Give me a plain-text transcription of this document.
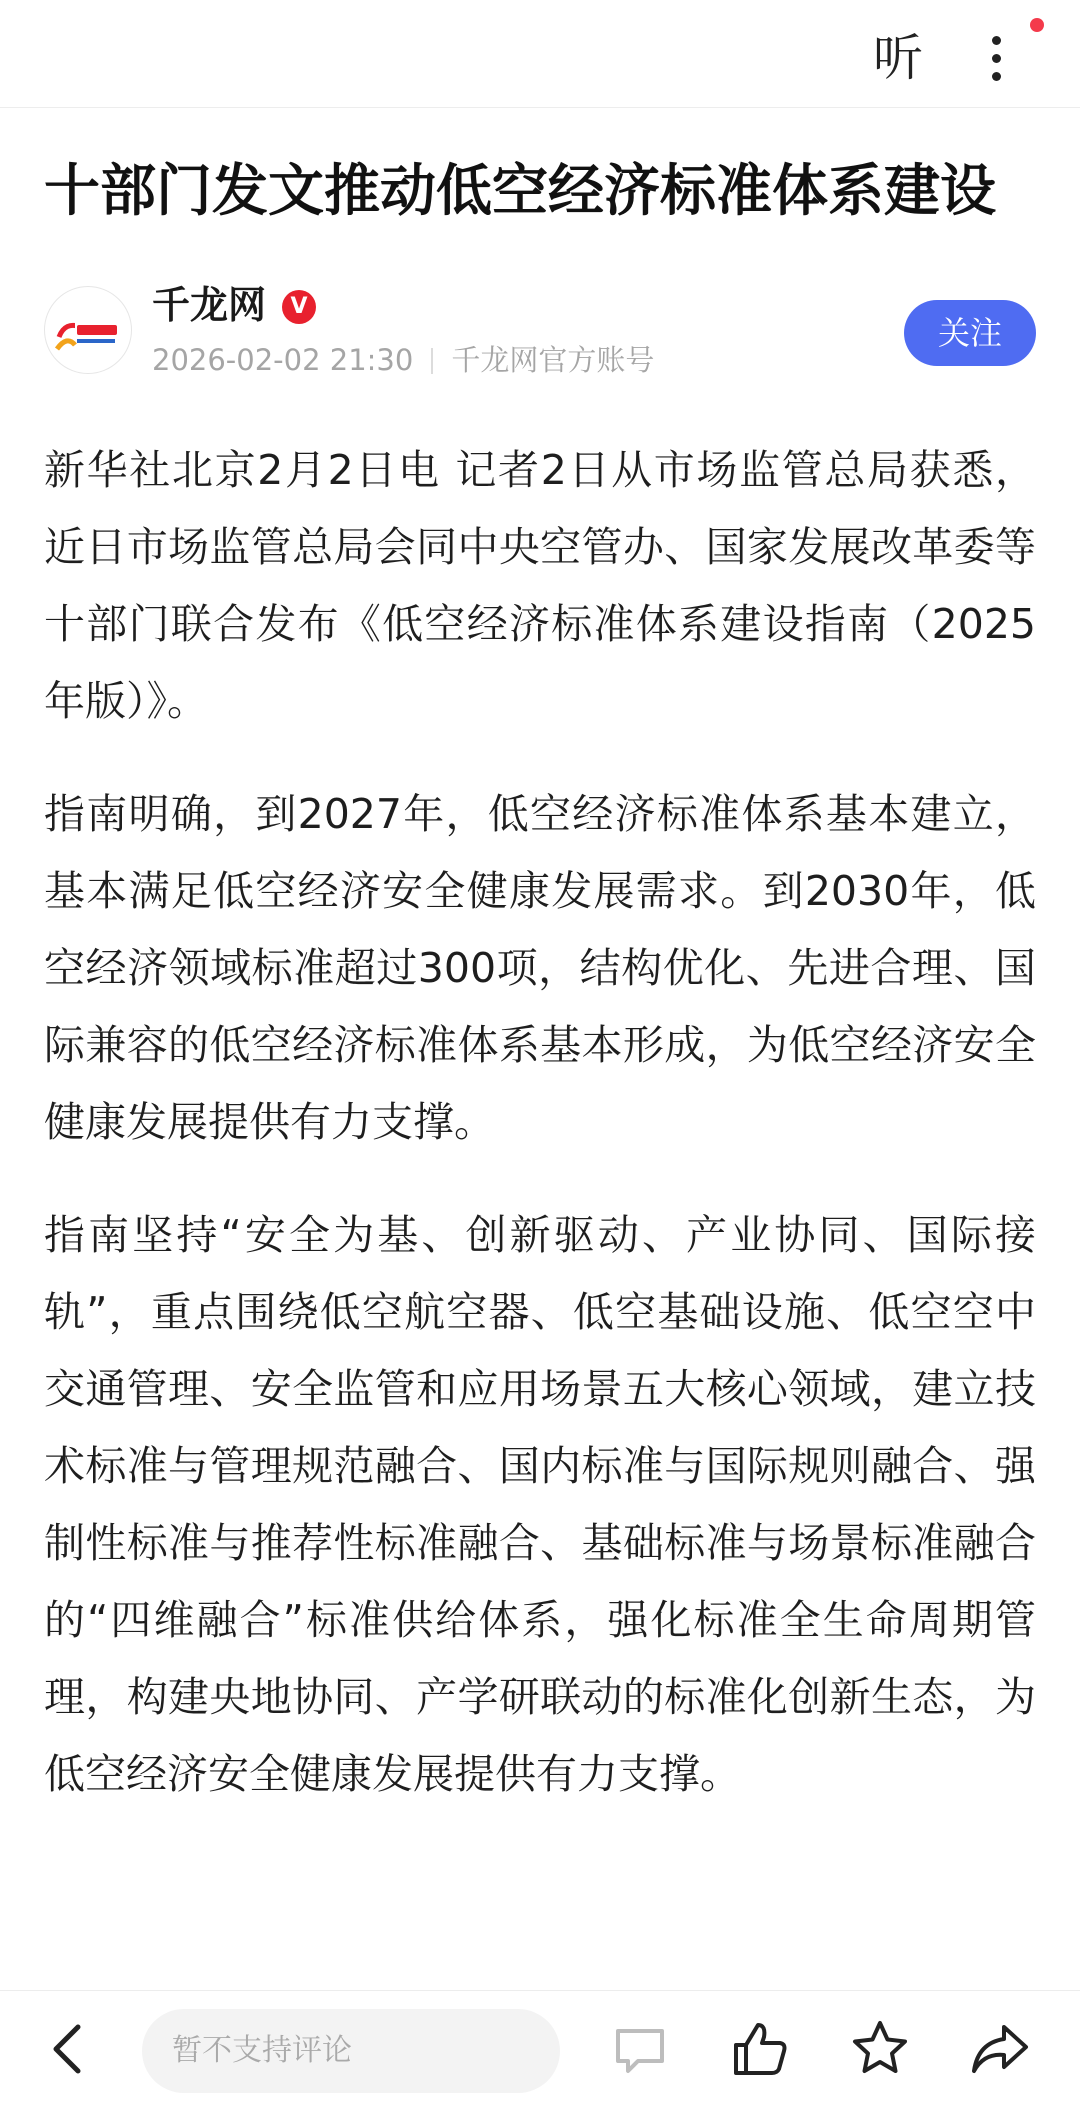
听
十部门发文推动低空经济标准体系建设
千龙网	V
2026-02-02 21:30 千龙网官方账号
关注

新华社北京2月2日电 记者2日从市场监管总局获悉，近日市场监管总局会同中央空管办、国家发展改革委等十部门联合发布《低空经济标准体系建设指南（2025年版）》。

指南明确，到2027年，低空经济标准体系基本建立，基本满足低空经济安全健康发展需求。到2030年，低空经济领域标准超过300项，结构优化、先进合理、国际兼容的低空经济标准体系基本形成，为低空经济安全健康发展提供有力支撑。

指南坚持“安全为基、创新驱动、产业协同、国际接轨”，重点围绕低空航空器、低空基础设施、低空空中交通管理、安全监管和应用场景五大核心领域，建立技术标准与管理规范融合、国内标准与国际规则融合、强制性标准与推荐性标准融合、基础标准与场景标准融合的“四维融合”标准供给体系，强化标准全生命周期管理，构建央地协同、产学研联动的标准化创新生态，为低空经济安全健康发展提供有力支撑。

暂不支持评论
